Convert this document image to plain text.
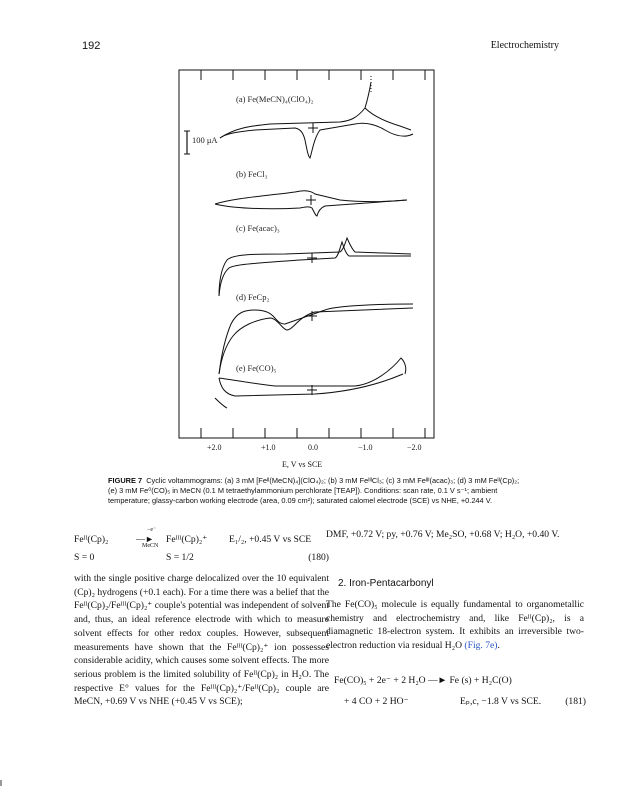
192	Electrochemistry
100 μA
(a) Fe(MeCN)₄(ClO₄)₂
(b) FeCl₃
(c) Fe(acac)₃
(d) FeCp₂
(e) Fe(CO)₅
+2.0	+1.0	0.0	−1.0	−2.0
E, V vs SCE
FIGURE 7 Cyclic voltammograms: (a) 3 mM [Feᴵᴵ(MeCN)₄](ClO₄)₂; (b) 3 mM FeᴵᴵᴵCl₃; (c) 3 mM Feᴵᴵᴵ(acac)₃; (d) 3 mM Feᴵᴵ(Cp)₂; (e) 3 mM Fe⁰(CO)₅ in MeCN (0.1 M tetraethylammonium perchlorate [TEAP]). Conditions: scan rate, 0.1 V s⁻¹; ambient temperature; glassy-carbon working electrode (area, 0.09 cm²); saturated calomel electrode (SCE) vs NHE, +0.244 V.
Feᴵᴵ(Cp)₂
−e⁻
—►
MeCN
Feᴵᴵᴵ(Cp)₂⁺ E₁/₂, +0.45 V vs SCE
S = 0	S = 1/2	(180)
with the single positive charge delocalized over the 10 equivalent (Cp)₂ hydrogens (+0.1 each). For a time there was a belief that the Feᴵᴵ(Cp)₂/Feᴵᴵᴵ(Cp)₂⁺ couple's potential was independent of solvent and, thus, an ideal reference electrode with which to measure solvent effects for other redox couples. However, subsequent measurements have shown that the Feᴵᴵᴵ(Cp)₂⁺ ion possesses considerable acidity, which causes some solvent effects. The more serious problem is the limited solubility of Feᴵᴵ(Cp)₂ in H₂O. The respective E° values for the Feᴵᴵᴵ(Cp)₂⁺/Feᴵᴵ(Cp)₂ couple are MeCN, +0.69 V vs NHE (+0.45 V vs SCE);
DMF, +0.72 V; py, +0.76 V; Me₂SO, +0.68 V; H₂O, +0.40 V.
2. Iron-Pentacarbonyl
The Fe(CO)₅ molecule is equally fundamental to organometallic chemistry and electrochemistry and, like Feᴵᴵ(Cp)₂, is a diamagnetic 18-electron system. It exhibits an irreversible two-electron reduction via residual H₂O (Fig. 7e).
Fe(CO)₅ + 2e⁻ + 2 H₂O —► Fe (s) + H₂C(O)
+ 4 CO + 2 HO⁻	Eₚ,c, −1.8 V vs SCE.	(181)
